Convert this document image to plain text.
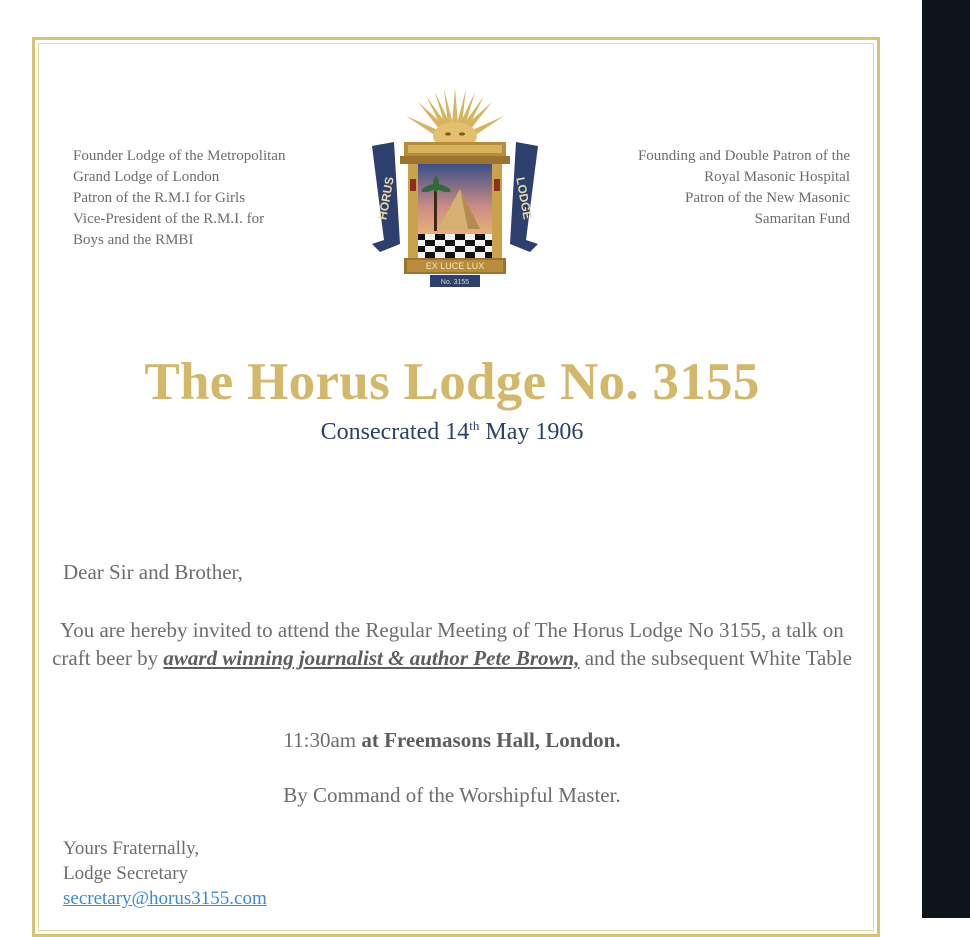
Founder Lodge of the Metropolitan
Grand Lodge of London
Patron of the R.M.I for Girls
Vice-President of the R.M.I. for
Boys and the RMBI
Founding and Double Patron of the
Royal Masonic Hospital
Patron of the New Masonic
Samaritan Fund
HORUS	LODGE
EX LUCE LUX
No. 3155
The Horus Lodge No. 3155
Consecrated 14th May 1906
Dear Sir and Brother,
You are hereby invited to attend the Regular Meeting of The Horus Lodge No 3155, a talk on craft beer by award winning journalist & author Pete Brown, and the subsequent White Table
11:30am at Freemasons Hall, London.
By Command of the Worshipful Master.
Yours Fraternally,
Lodge Secretary
secretary@horus3155.com
